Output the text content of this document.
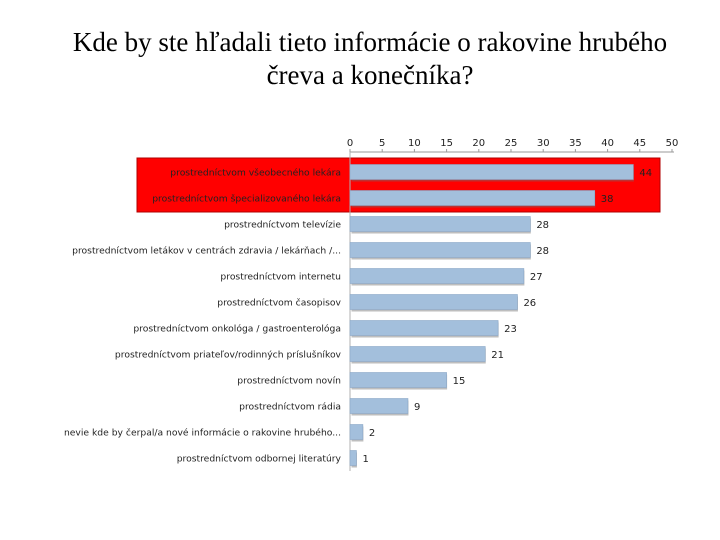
Kde by ste hľadali tieto informácie o rakovine hrubého
čreva a konečníka?
0	5 10 15 20 25 30 35 40 45 50
prostredníctvom všeobecného lekára	44
prostredníctvom špecializovaného lekára	38
prostredníctvom televízie	28
prostredníctvom letákov v centrách zdravia / lekárňach /...	28
prostredníctvom internetu	27
prostredníctvom časopisov	26
prostredníctvom onkológa / gastroenterológa	23
prostredníctvom priateľov/rodinných príslušníkov	21
prostredníctvom novín	15
prostredníctvom rádia	9
nevie kde by čerpal/a nové informácie o rakovine hrubého...	2
prostredníctvom odbornej literatúry 1
